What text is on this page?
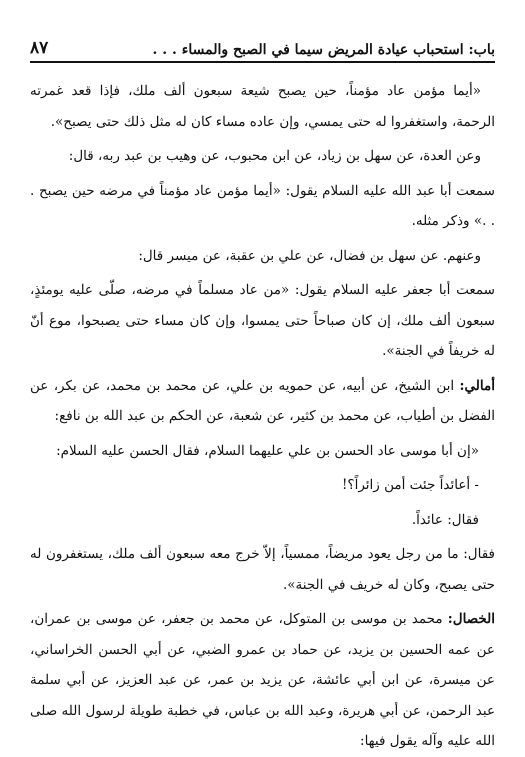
باب: استحباب عيادة المريض سيما في الصبح والمساء . . .
٨٧

«أيما مؤمن عاد مؤمناً، حين يصبح شيعة سبعون ألف ملك، فإذا قعد غمرته الرحمة، واستغفروا له حتى يمسي، وإن عاده مساء كان له مثل ذلك حتى يصبح».

وعن العدة، عن سهل بن زياد، عن ابن محبوب، عن وهيب بن عبد ربه، قال:

سمعت أبا عبد الله عليه السلام يقول: «أيما مؤمن عاد مؤمناً في مرضه حين يصبح . . .» وذكر مثله.

وعنهم. عن سهل بن فضال، عن علي بن عقبة، عن ميسر قال:

سمعت أبا جعفر عليه السلام يقول: «من عاد مسلماً في مرضه، صلّى عليه يومئذٍ، سبعون ألف ملك، إن كان صباحاً حتى يمسوا، وإن كان مساء حتى يصبحوا، موع أنّ له خريفاً في الجنة».

أمالي: ابن الشيخ، عن أبيه، عن حمويه بن علي، عن محمد بن محمد، عن بكر، عن الفضل بن أطياب، عن محمد بن كثير، عن شعبة، عن الحكم بن عبد الله بن نافع:

«إن أبا موسى عاد الحسن بن علي عليهما السلام، فقال الحسن عليه السلام:

- أعائداً جئت أمن زائراً؟!

فقال: عائداً.

فقال: ما من رجل يعود مريضاً، ممسياً، إلاّ خرج معه سبعون ألف ملك، يستغفرون له حتى يصبح، وكان له خريف في الجنة».

الخصال: محمد بن موسى بن المتوكل، عن محمد بن جعفر، عن موسى بن عمران، عن عمه الحسين بن يزيد، عن حماد بن عمرو الضبي، عن أبي الحسن الخراساني، عن ميسرة، عن ابن أبي عائشة، عن يزيد بن عمر، عن عبد العزيز، عن أبي سلمة عبد الرحمن، عن أبي هريرة، وعبد الله بن عباس، في خطبة طويلة لرسول الله صلى الله عليه وآله يقول فيها:
